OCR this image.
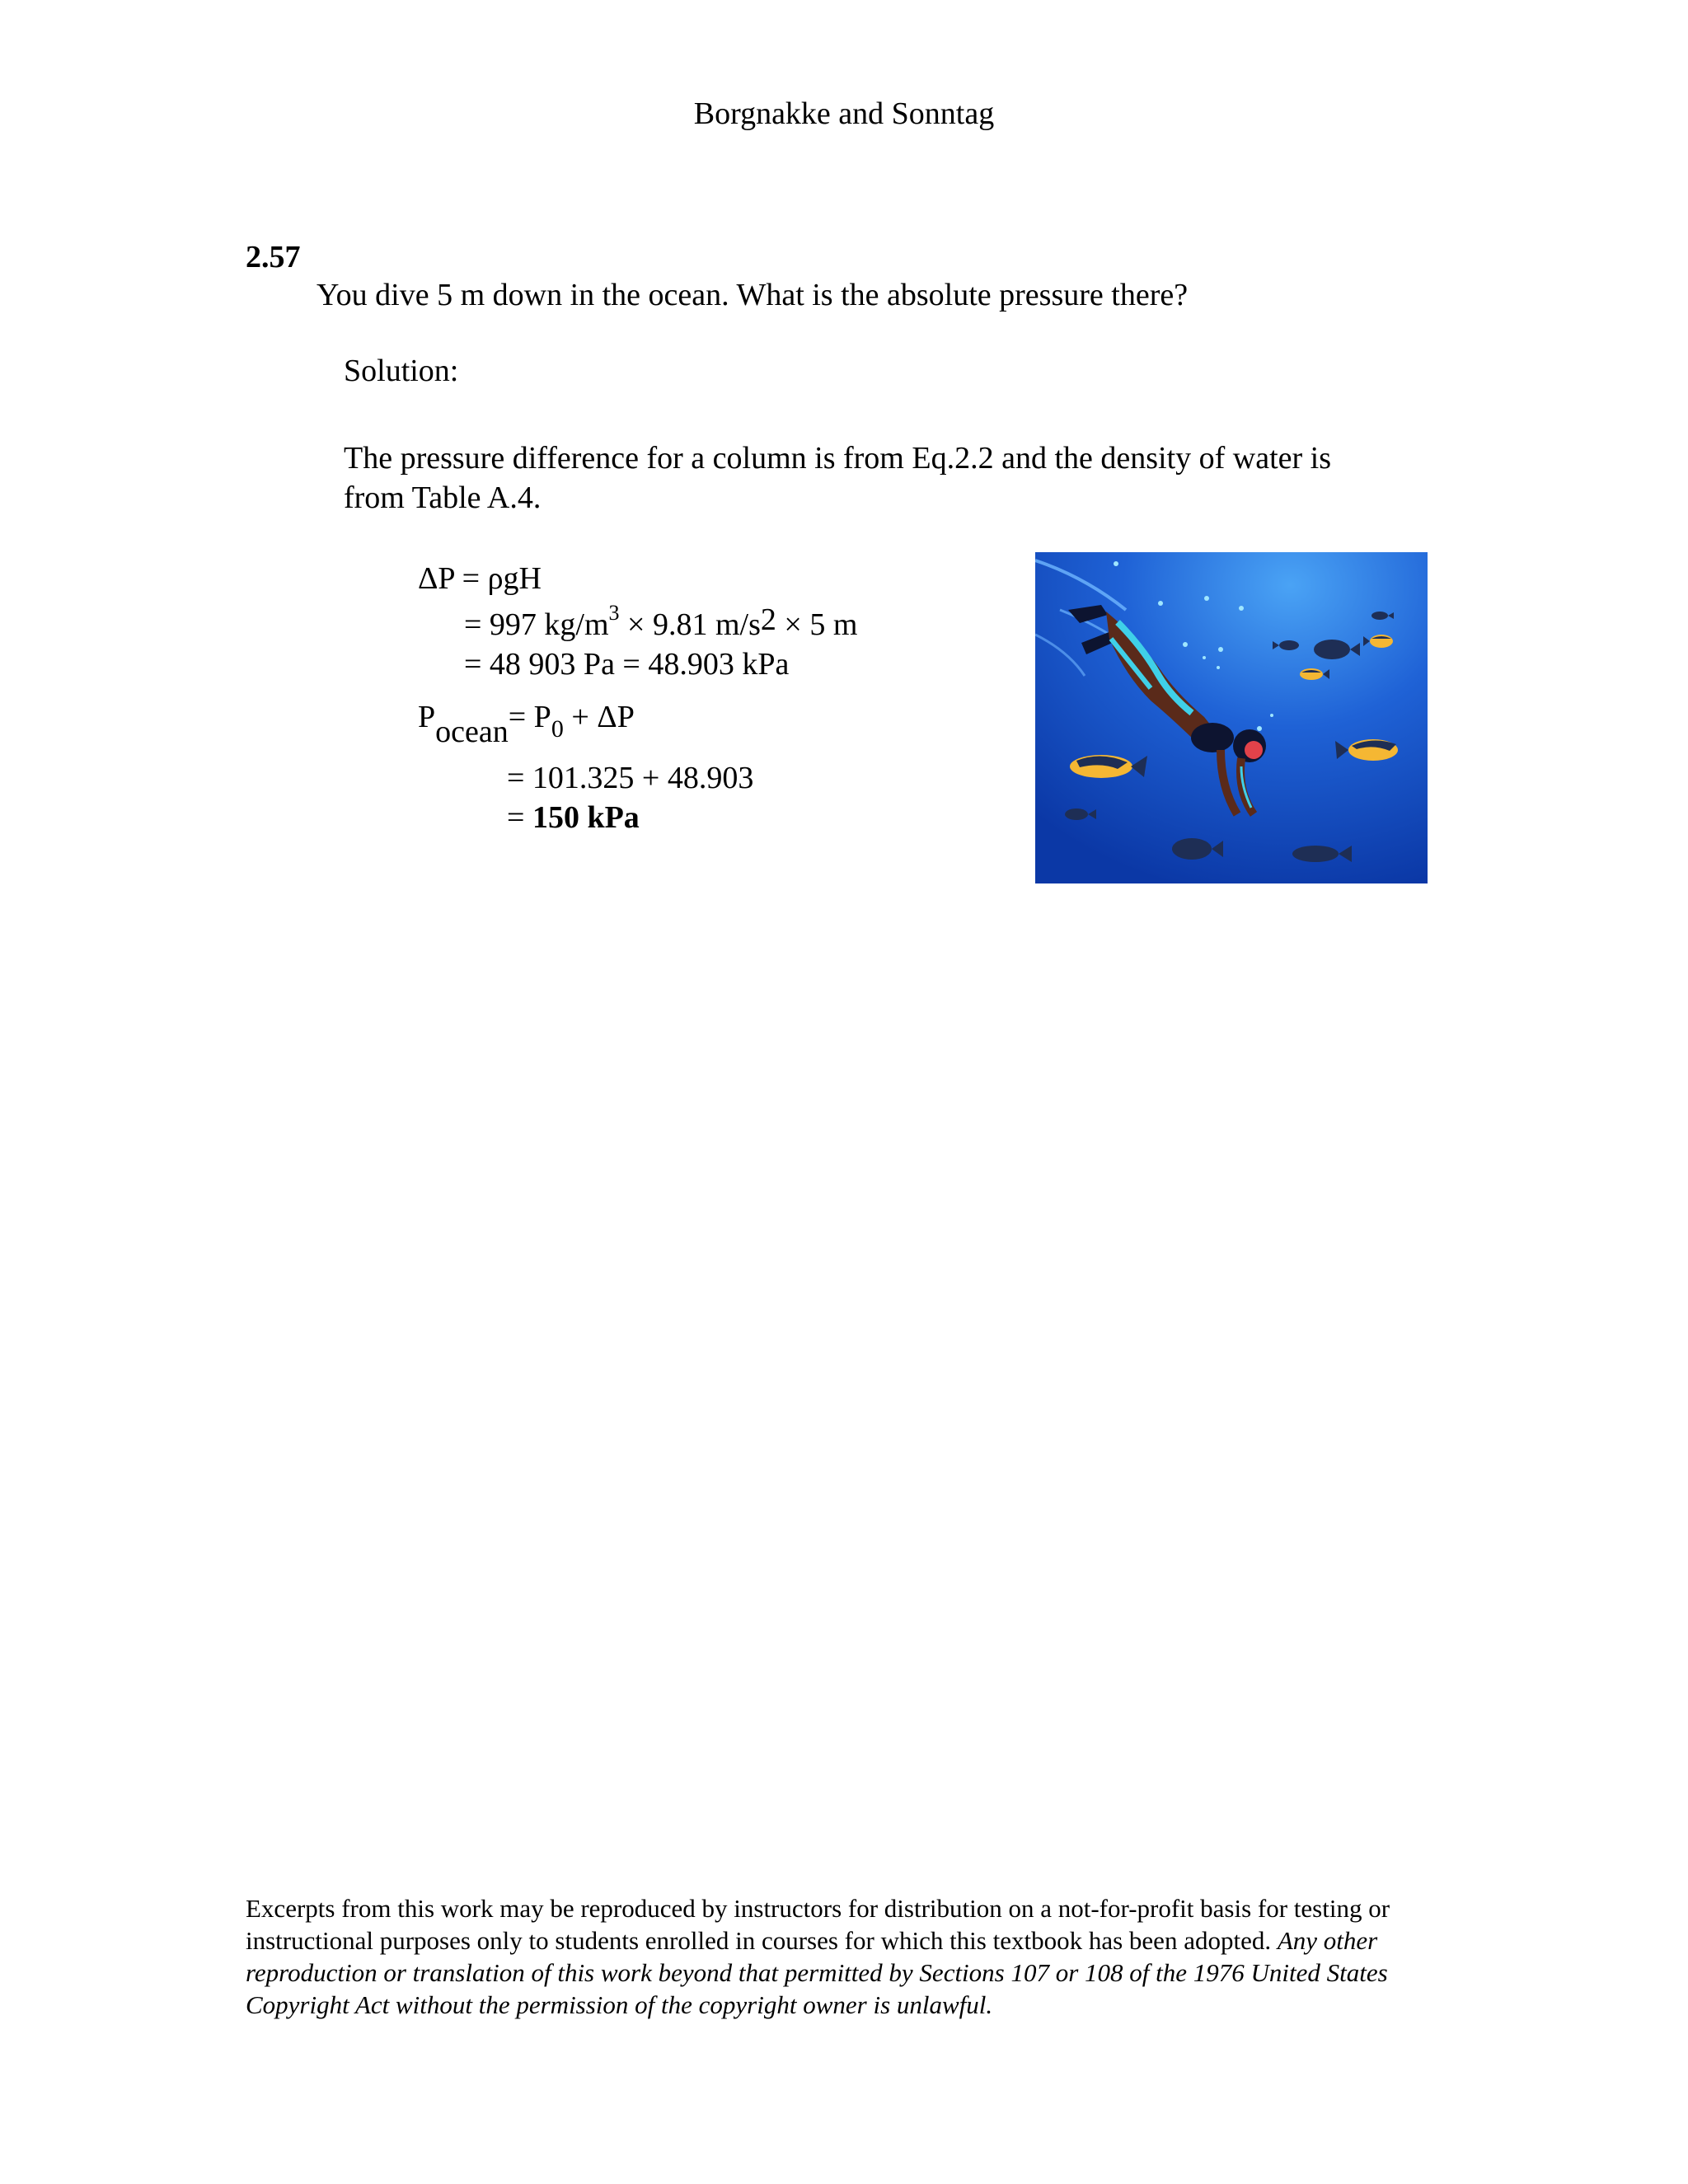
Borgnakke and Sonntag
2.57
You dive 5 m down in the ocean. What is the absolute pressure there?
Solution:
The pressure difference for a column is from Eq.2.2 and the density of water is
from Table A.4.
ΔP = ρgH
= 997 $kg/m^3 \times 9.81$ $m/s^2 \times 5$ m
= 48 903 Pa = 48.903 kPa
$P_{ocean}= P_0 + \Delta P$
= 101.325 + 48.903
= 150 kPa
Excerpts from this work may be reproduced by instructors for distribution on a not-for-profit basis for testing or instructional purposes only to students enrolled in courses for which this textbook has been adopted. Any other reproduction or translation of this work beyond that permitted by Sections 107 or 108 of the 1976 United States Copyright Act without the permission of the copyright owner is unlawful.
